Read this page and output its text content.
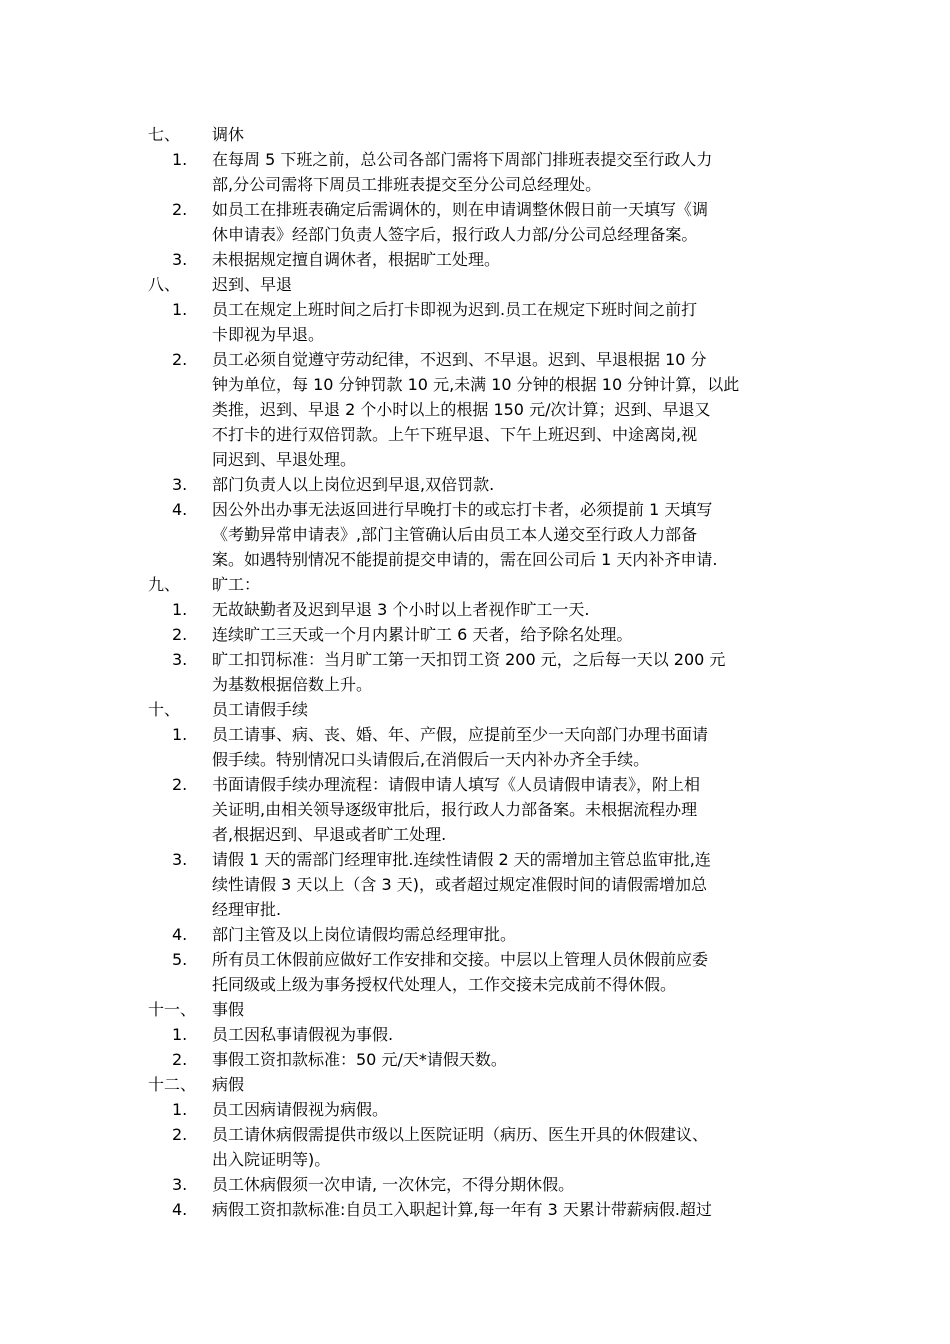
七、	调休
1.	在每周 5 下班之前，总公司各部门需将下周部门排班表提交至行政人力
部,分公司需将下周员工排班表提交至分公司总经理处。
2.	如员工在排班表确定后需调休的，则在申请调整休假日前一天填写《调
休申请表》经部门负责人签字后，报行政人力部/分公司总经理备案。
3.	未根据规定擅自调休者，根据旷工处理。
八、	迟到、早退
1.	员工在规定上班时间之后打卡即视为迟到.员工在规定下班时间之前打
卡即视为早退。
2.	员工必须自觉遵守劳动纪律，不迟到、不早退。迟到、早退根据 10 分
钟为单位，每 10 分钟罚款 10 元,未满 10 分钟的根据 10 分钟计算，以此
类推，迟到、早退 2 个小时以上的根据 150 元/次计算；迟到、早退又
不打卡的进行双倍罚款。上午下班早退、下午上班迟到、中途离岗,视
同迟到、早退处理。
3.	部门负责人以上岗位迟到早退,双倍罚款.
4.	因公外出办事无法返回进行早晚打卡的或忘打卡者，必须提前 1 天填写
《考勤异常申请表》,部门主管确认后由员工本人递交至行政人力部备
案。如遇特别情况不能提前提交申请的，需在回公司后 1 天内补齐申请.
九、	旷工：
1.	无故缺勤者及迟到早退 3 个小时以上者视作旷工一天.
2.	连续旷工三天或一个月内累计旷工 6 天者，给予除名处理。
3.	旷工扣罚标准：当月旷工第一天扣罚工资 200 元，之后每一天以 200 元
为基数根据倍数上升。
十、	员工请假手续
1.	员工请事、病、丧、婚、年、产假，应提前至少一天向部门办理书面请
假手续。特别情况口头请假后,在消假后一天内补办齐全手续。
2.	书面请假手续办理流程：请假申请人填写《人员请假申请表》，附上相
关证明,由相关领导逐级审批后，报行政人力部备案。未根据流程办理
者,根据迟到、早退或者旷工处理.
3.	请假 1 天的需部门经理审批.连续性请假 2 天的需增加主管总监审批,连
续性请假 3 天以上（含 3 天)，或者超过规定准假时间的请假需增加总
经理审批.
4.	部门主管及以上岗位请假均需总经理审批。
5.	所有员工休假前应做好工作安排和交接。中层以上管理人员休假前应委
托同级或上级为事务授权代处理人，工作交接未完成前不得休假。
十一、 事假
1.	员工因私事请假视为事假.
2.	事假工资扣款标准：50 元/天*请假天数。
十二、 病假
1.	员工因病请假视为病假。
2.	员工请休病假需提供市级以上医院证明（病历、医生开具的休假建议、
出入院证明等)。
3.	员工休病假须一次申请, 一次休完，不得分期休假。
4.	病假工资扣款标准:自员工入职起计算,每一年有 3 天累计带薪病假.超过
